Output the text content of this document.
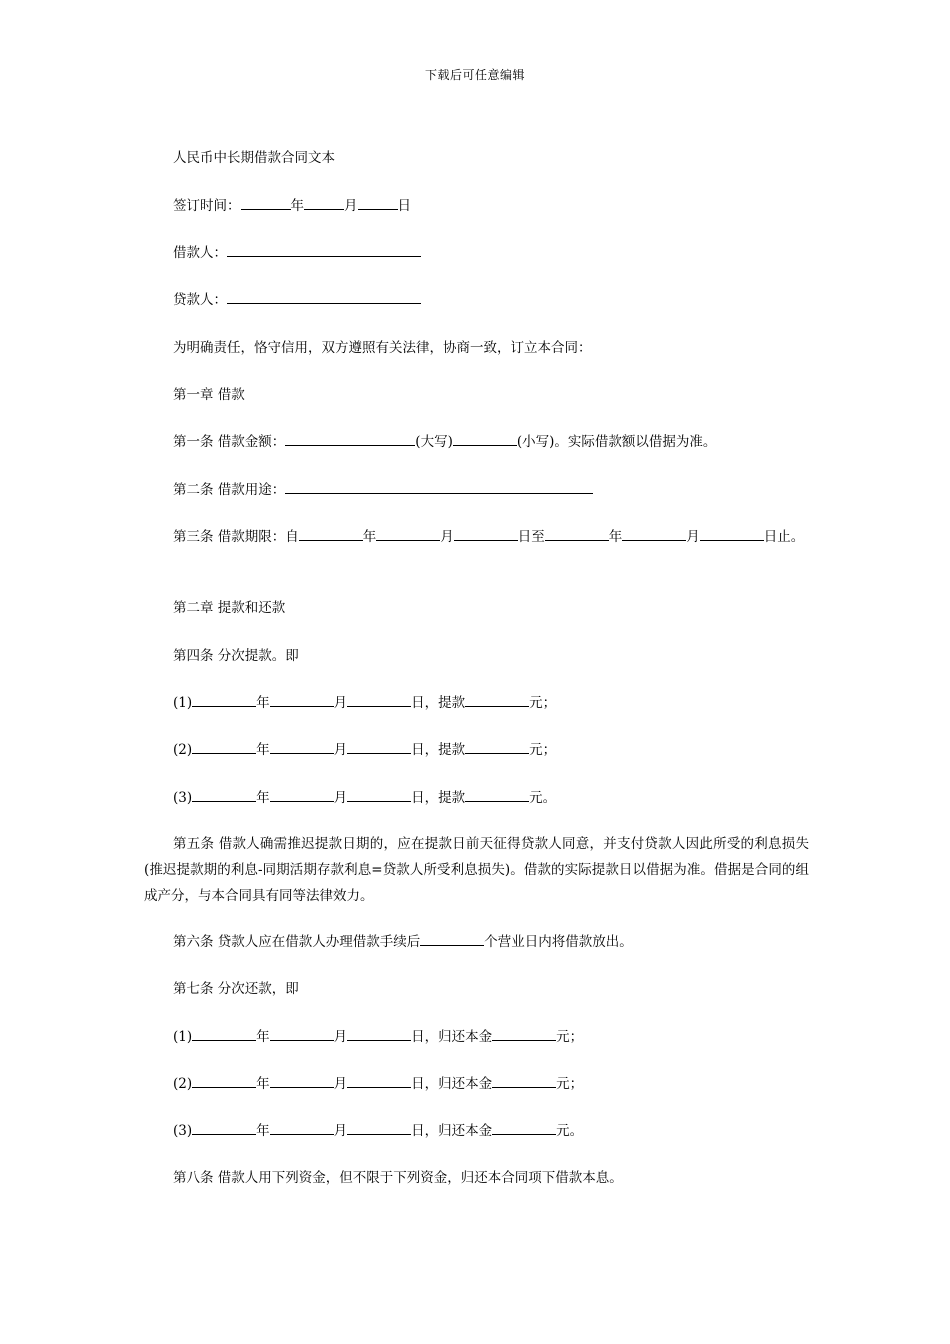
下载后可任意编辑
人民币中长期借款合同文本
签订时间：	年	月	日
借款人：
贷款人：
为明确责任，恪守信用，双方遵照有关法律，协商一致，订立本合同：
第一章 借款
第一条 借款金额：	(大写)	(小写)。实际借款额以借据为准。
第二条 借款用途：
第三条 借款期限：自	年	月	日至	年	月	日止。
第二章 提款和还款
第四条 分次提款。即
(1)	年	月	日，提款	元；
(2)	年	月	日，提款	元；
(3)	年	月	日，提款	元。
第五条 借款人确需推迟提款日期的，应在提款日前天征得贷款人同意，并支付贷款人因此所受的利息损失(推迟提款期的利息-同期活期存款利息=贷款人所受利息损失)。借款的实际提款日以借据为准。借据是合同的组成产分，与本合同具有同等法律效力。
第六条 贷款人应在借款人办理借款手续后	个营业日内将借款放出。
第七条 分次还款，即
(1)	年	月	日，归还本金	元；
(2)	年	月	日，归还本金	元；
(3)	年	月	日，归还本金	元。
第八条 借款人用下列资金，但不限于下列资金，归还本合同项下借款本息。
